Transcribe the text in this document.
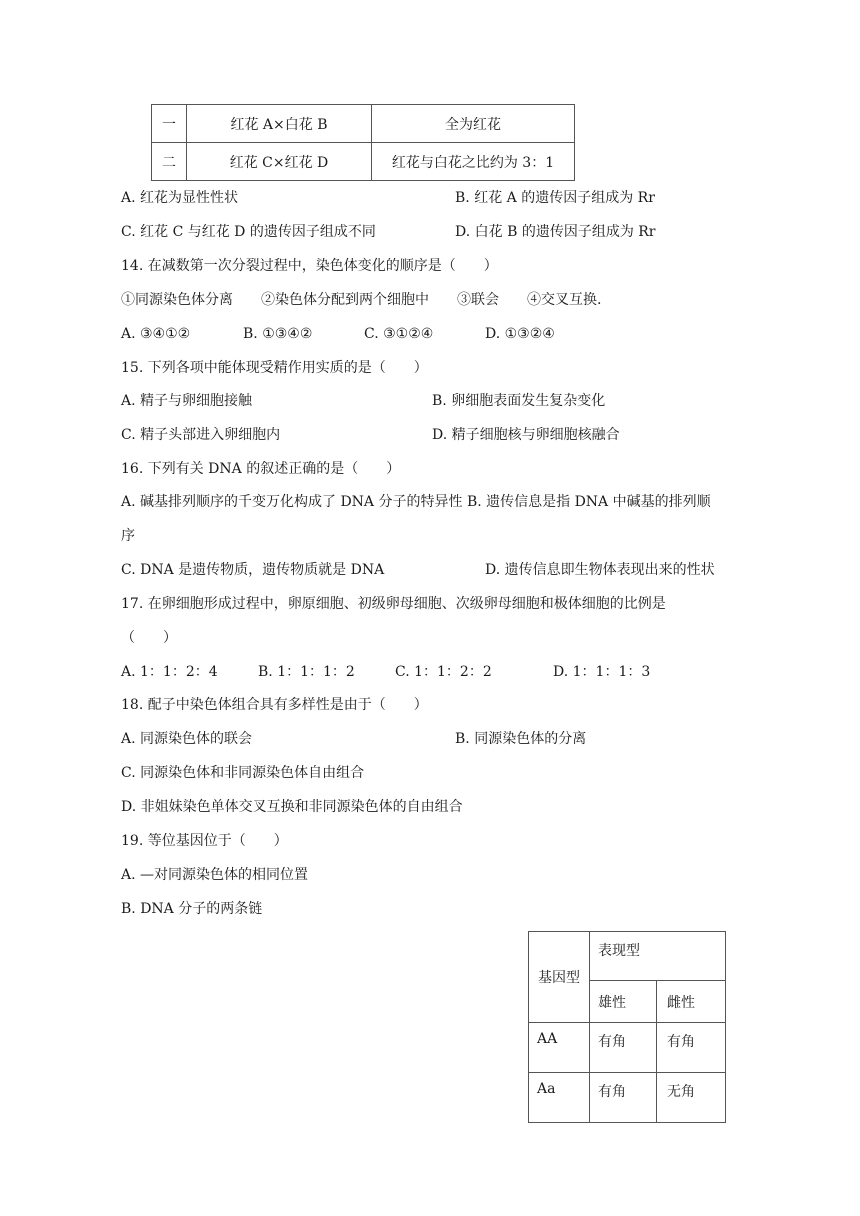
一	红花 A×白花 B	全为红花
二	红花 C×红花 D	红花与白花之比约为 3：1
A. 红花为显性性状	B. 红花 A 的遗传因子组成为 Rr
C. 红花 C 与红花 D 的遗传因子组成不同	D. 白花 B 的遗传因子组成为 Rr
14. 在减数第一次分裂过程中，染色体变化的顺序是（　　）
①同源染色体分离　　②染色体分配到两个细胞中　　③联会　　④交叉互换.
A. ③④①②	B. ①③④②	C. ③①②④	D. ①③②④
15. 下列各项中能体现受精作用实质的是（　　）
A. 精子与卵细胞接触	B. 卵细胞表面发生复杂变化
C. 精子头部进入卵细胞内	D. 精子细胞核与卵细胞核融合
16. 下列有关 DNA 的叙述正确的是（　　）
A. 碱基排列顺序的千变万化构成了 DNA 分子的特异性 B. 遗传信息是指 DNA 中碱基的排列顺
序
C. DNA 是遗传物质，遗传物质就是 DNA	D. 遗传信息即生物体表现出来的性状
17. 在卵细胞形成过程中，卵原细胞、初级卵母细胞、次级卵母细胞和极体细胞的比例是
（　　）
A. 1：1：2：4	B. 1：1：1：2	C. 1：1：2：2	D. 1：1：1：3
18. 配子中染色体组合具有多样性是由于（　　）
A. 同源染色体的联会	B. 同源染色体的分离
C. 同源染色体和非同源染色体自由组合
D. 非姐妹染色单体交叉互换和非同源染色体的自由组合
19. 等位基因位于（　　）
A. —对同源染色体的相同位置
B. DNA 分子的两条链
基因型	表现型	
	雄性	雌性
AA	有角	有角
Aa	有角	无角
